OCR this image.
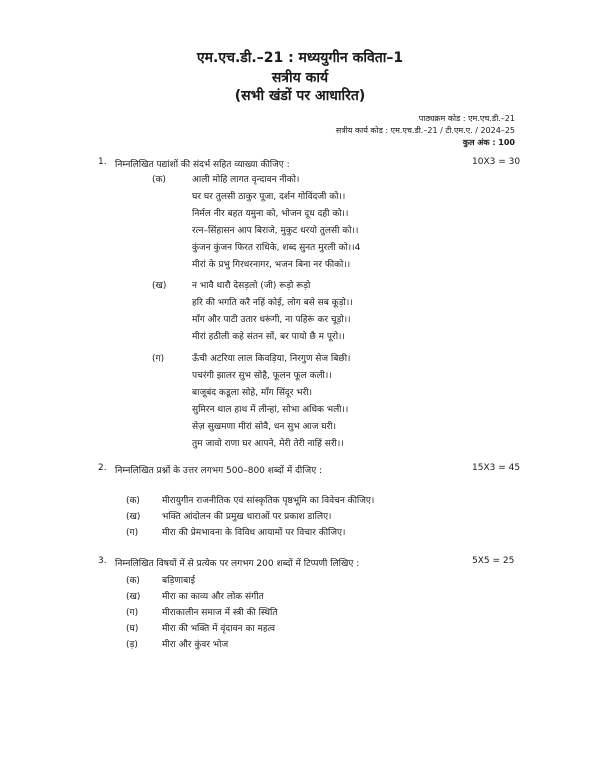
एम.एच.डी.–21 : मध्ययुगीन कविता–1
सत्रीय कार्य
(सभी खंडों पर आधारित)
पाठ्यक्रम कोड : एम.एच.डी.–21
सत्रीय कार्य कोड : एम.एच.डी.–21 / टी.एम.ए. / 2024–25
कुल अंक : 100
1. निम्नलिखित पद्यांशों की संदर्भ सहित व्याख्या कीजिए :	10X3 = 30
(क)	आली मोहि लागत वृन्दावन नीको।
घर घर तुलसी ठाकुर पूजा, दर्शन गोविंदजी को।।
निर्मल नीर बहत यमुना को, भोजन दूध दही को।।
रत्न–सिंहासन आप बिराजे, मुकुट धरयो तुलसी को।।
कुंजन कुंजन फिरत राधिके, शब्द सुनत मुरली को।।4
मीरां के प्रभु गिरधरनागर, भजन बिना नर फीको।।
(ख)	न भावै थारौ देसड़लो (जी) रूड़ो रूड़ो
हरि की भगति करै नहिं कोई, लोग बसे सब कूड़ो।।
माँग और पाटी उतार धरूंगी, ना पहिरूं कर चूड़ो।।
मीरां हठीली कहे संतन सों, बर पायो छै म पूरो।।
(ग)	ऊँची अटरिया लाल किवड़िया, निरगुण सेज बिछी।
पचरंगी झालर सुभ सोहै, फूलन फूल कली।।
बाजूबंद कडूला सोहे, माँग सिंदूर भरी।
सुमिरन थाल हाथ में लीन्हां, सोभा अधिक भली।।
सेज़ सुखमणा मीरां सोवै, धन सुभ आज घरी।
तुम जावो राणा घर आपने, मेरी तेरी नाहिं सरी।।
2. निम्नलिखित प्रश्नों के उत्तर लगभग 500–800 शब्दों में दीजिए :	15X3 = 45
(क) मीरायुगीन राजनीतिक एवं सांस्कृतिक पृष्ठभूमि का विवेचन कीजिए।
(ख) भक्ति आंदोलन की प्रमुख धाराओं पर प्रकाश डालिए।
(ग)	मीरा की प्रेमभावना के विविध आयामों पर विचार कीजिए।
3. निम्नलिखित विषयों में से प्रत्येक पर लगभग 200 शब्दों में टिप्पणी लिखिए :	5X5 = 25
(क) बड़िणाबाई
(ख) मीरा का काव्य और लोक संगीत
(ग)	मीराकालीन समाज में स्त्री की स्थिति
(घ)	मीरा की भक्ति में वृंदावन का महत्व
(ड़)	मीरा और कुंवर भोज
